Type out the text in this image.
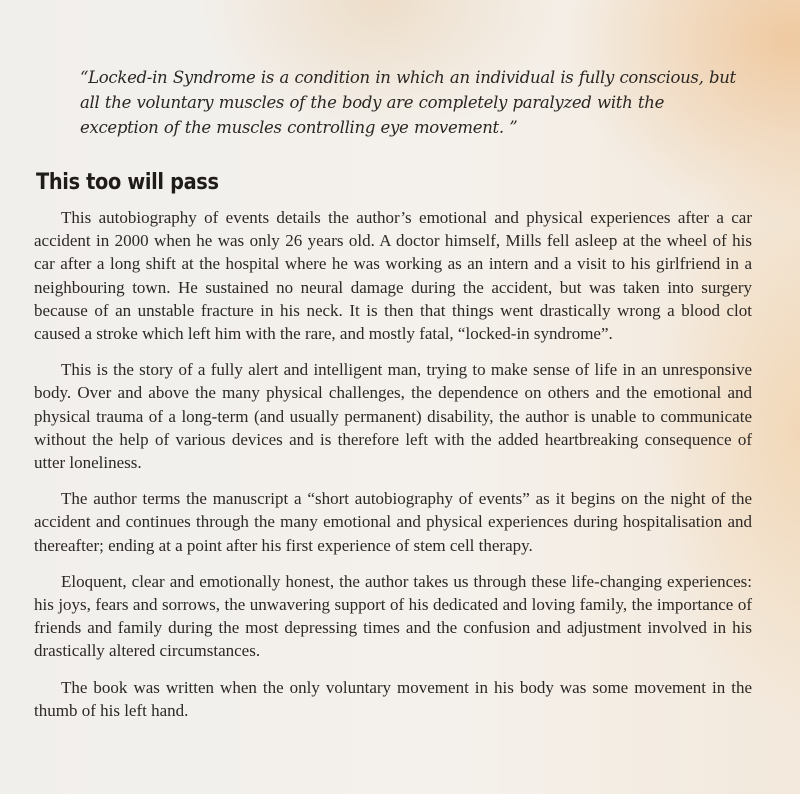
“Locked-in Syndrome is a condition in which an individual is fully conscious, but all the voluntary muscles of the body are completely paralyzed with the exception of the muscles controlling eye movement. ”
This too will pass

This autobiography of events details the author’s emotional and physical experiences after a car accident in 2000 when he was only 26 years old. A doctor himself, Mills fell asleep at the wheel of his car after a long shift at the hospital where he was working as an intern and a visit to his girlfriend in a neighbouring town. He sustained no neural damage during the accident, but was taken into surgery because of an unstable fracture in his neck. It is then that things went drastically wrong a blood clot caused a stroke which left him with the rare, and mostly fatal, “locked-in syndrome”.

This is the story of a fully alert and intelligent man, trying to make sense of life in an unresponsive body. Over and above the many physical challenges, the dependence on others and the emotional and physical trauma of a long-term (and usually permanent) disability, the author is unable to communicate without the help of various devices and is therefore left with the added heartbreaking consequence of utter loneliness.

The author terms the manuscript a “short autobiography of events” as it begins on the night of the accident and continues through the many emotional and physical experiences during hospitalisation and thereafter; ending at a point after his first experience of stem cell therapy.

Eloquent, clear and emotionally honest, the author takes us through these life-changing experiences: his joys, fears and sorrows, the unwavering support of his dedicated and loving family, the importance of friends and family during the most depressing times and the confusion and adjustment involved in his drastically altered circumstances.

The book was written when the only voluntary movement in his body was some movement in the thumb of his left hand.
